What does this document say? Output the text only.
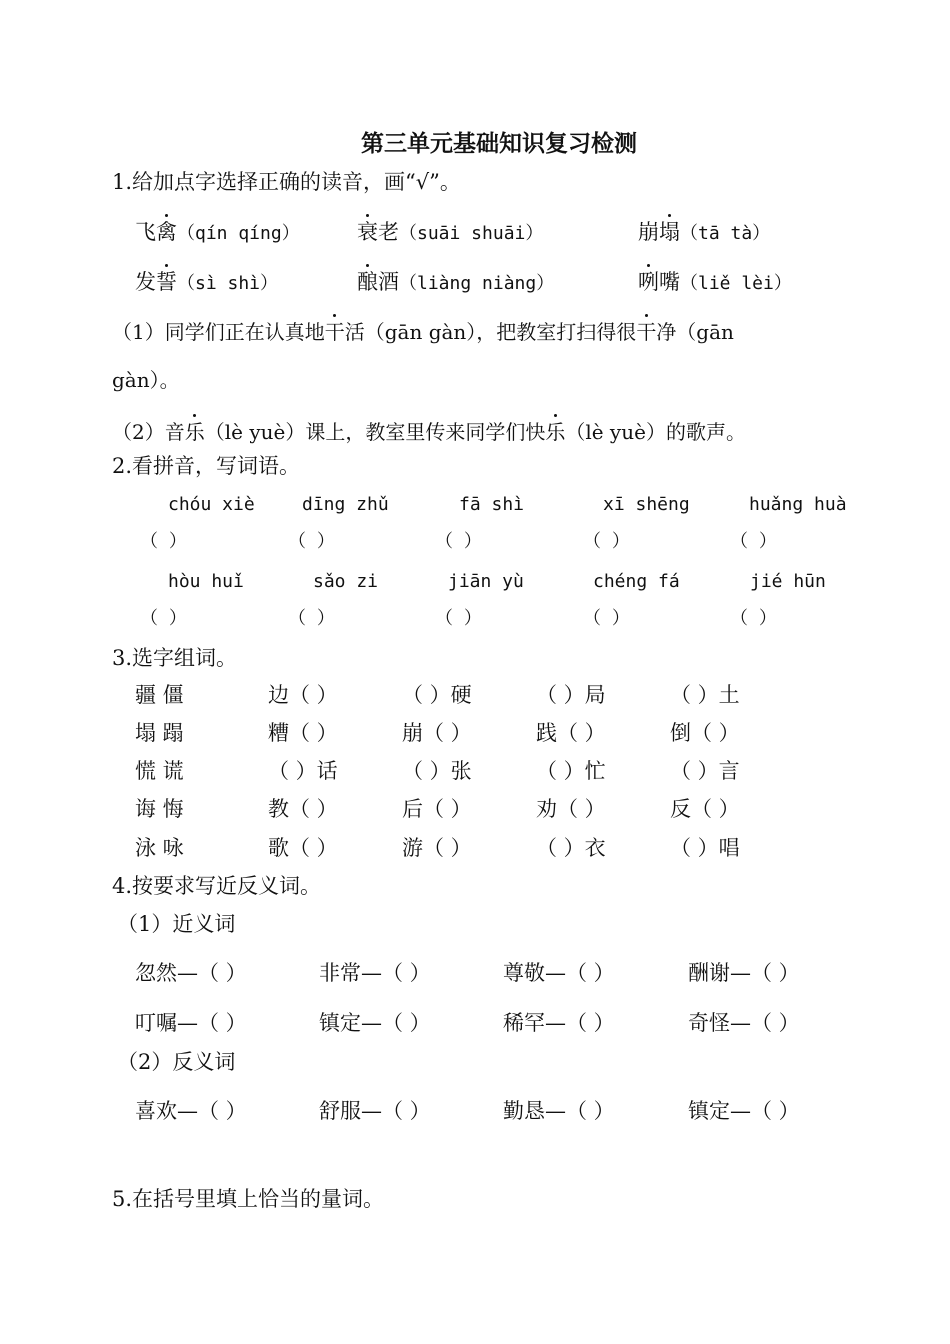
第三单元基础知识复习检测
1.给加点字选择正确的读音，画“√”。
飞禽（qín qíng）	衰老（suāi shuāi）	崩塌（tā tà）
发誓（sì shì）	酿酒（liàng niàng）	咧嘴（liě lèi）
（1）同学们正在认真地干活（gān gàn），把教室打扫得很干净（gān
gàn）。
（2）音乐（lè yuè）课上，教室里传来同学们快乐（lè yuè）的歌声。
2.看拼音，写词语。
chóu xiè	dīng zhǔ	fā shì	xī shēng	huǎng huà
（ ）	（ ）	（ ）	（ ）	（ ）
hòu huǐ	sǎo zi	jiān yù	chéng fá	jié hūn
（ ）	（ ）	（ ）	（ ）	（ ）
3.选字组词。
疆 僵	边（ ）	（ ）硬	（ ）局	（ ）土
塌 蹋	糟（ ）	崩（ ）	践（ ）	倒（ ）
慌 谎	（ ）话	（ ）张	（ ）忙	（ ）言
诲 悔	教（ ）	后（ ）	劝（ ）	反（ ）
泳 咏	歌（ ）	游（ ）	（ ）衣	（ ）唱
4.按要求写近反义词。
（1）近义词
忽然—（ ）	非常—（ ）	尊敬—（ ）	酬谢—（ ）
叮嘱—（ ）	镇定—（ ）	稀罕—（ ）	奇怪—（ ）
（2）反义词
喜欢—（ ）	舒服—（ ）	勤恳—（ ）	镇定—（ ）
5.在括号里填上恰当的量词。
